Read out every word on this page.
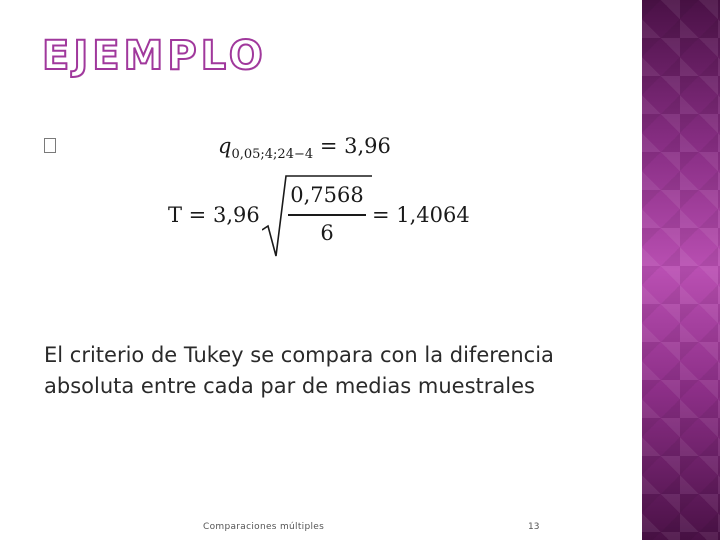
EJEMPLO
$q_{0,05;4;24-4} = 3,96$
T = 3,96
0,7568
6
= 1,4064
El criterio de Tukey se compara con la diferencia absoluta entre cada par de medias muestrales
Comparaciones múltiples	13
